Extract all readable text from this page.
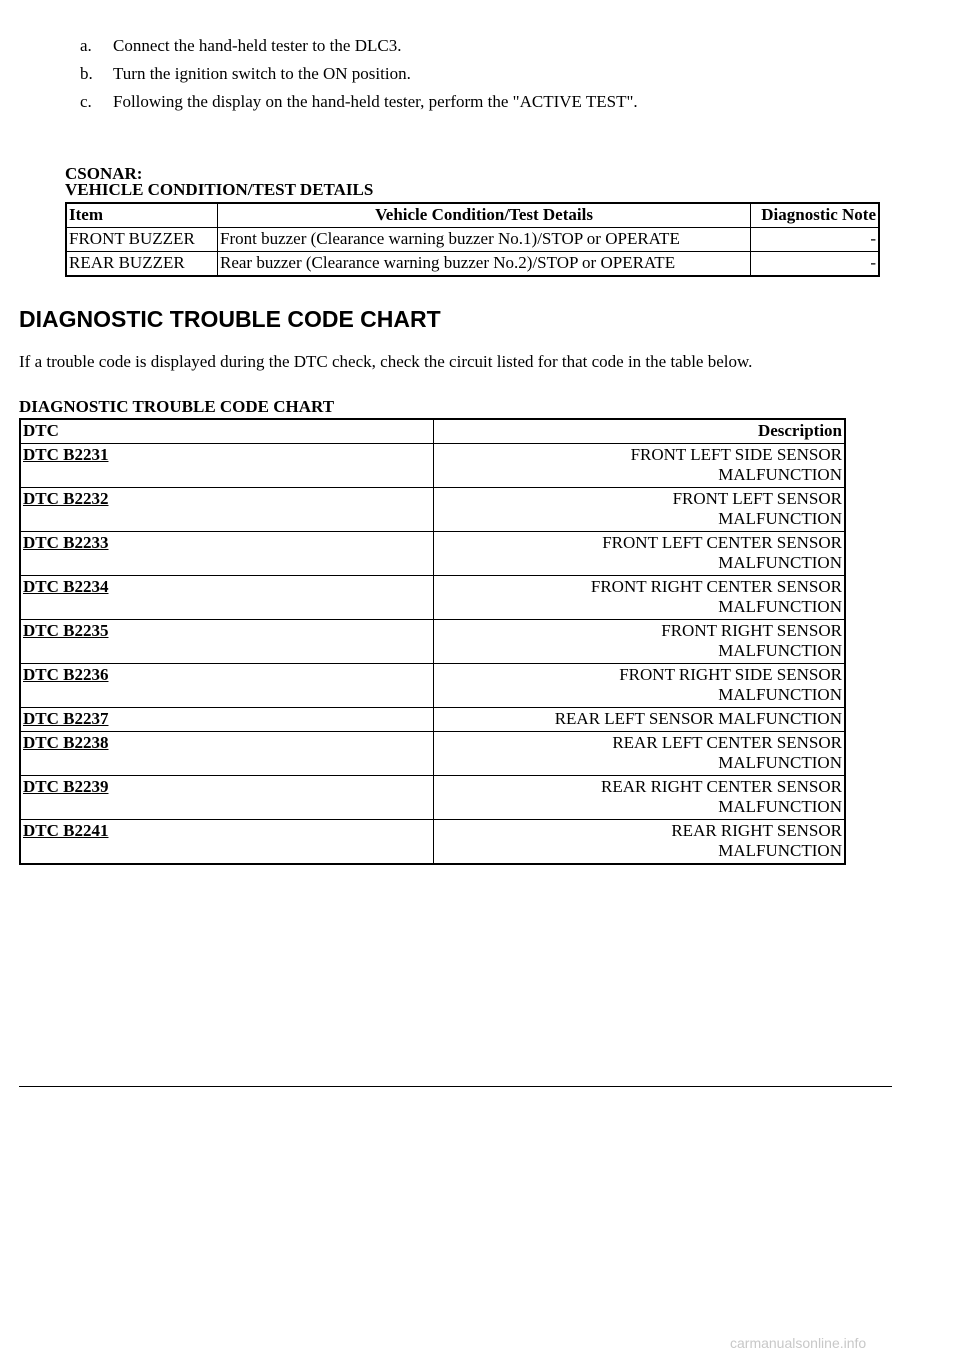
a.	Connect the hand-held tester to the DLC3.
b.	Turn the ignition switch to the ON position.
c.	Following the display on the hand-held tester, perform the "ACTIVE TEST".

CSONAR:

VEHICLE CONDITION/TEST DETAILS

Item	Vehicle Condition/Test Details	Diagnostic Note
FRONT BUZZER	Front buzzer (Clearance warning buzzer No.1)/STOP or OPERATE	-
REAR BUZZER	Rear buzzer (Clearance warning buzzer No.2)/STOP or OPERATE	-
DIAGNOSTIC TROUBLE CODE CHART

If a trouble code is displayed during the DTC check, check the circuit listed for that code in the table below.

DIAGNOSTIC TROUBLE CODE CHART

DTC	Description
DTC B2231	FRONT LEFT SIDE SENSOR MALFUNCTION
DTC B2232	FRONT LEFT SENSOR MALFUNCTION
DTC B2233	FRONT LEFT CENTER SENSOR MALFUNCTION
DTC B2234	FRONT RIGHT CENTER SENSOR MALFUNCTION
DTC B2235	FRONT RIGHT SENSOR MALFUNCTION
DTC B2236	FRONT RIGHT SIDE SENSOR MALFUNCTION
DTC B2237	REAR LEFT SENSOR MALFUNCTION
DTC B2238	REAR LEFT CENTER SENSOR MALFUNCTION
DTC B2239	REAR RIGHT CENTER SENSOR MALFUNCTION
DTC B2241	REAR RIGHT SENSOR MALFUNCTION
carmanualsonline.info
